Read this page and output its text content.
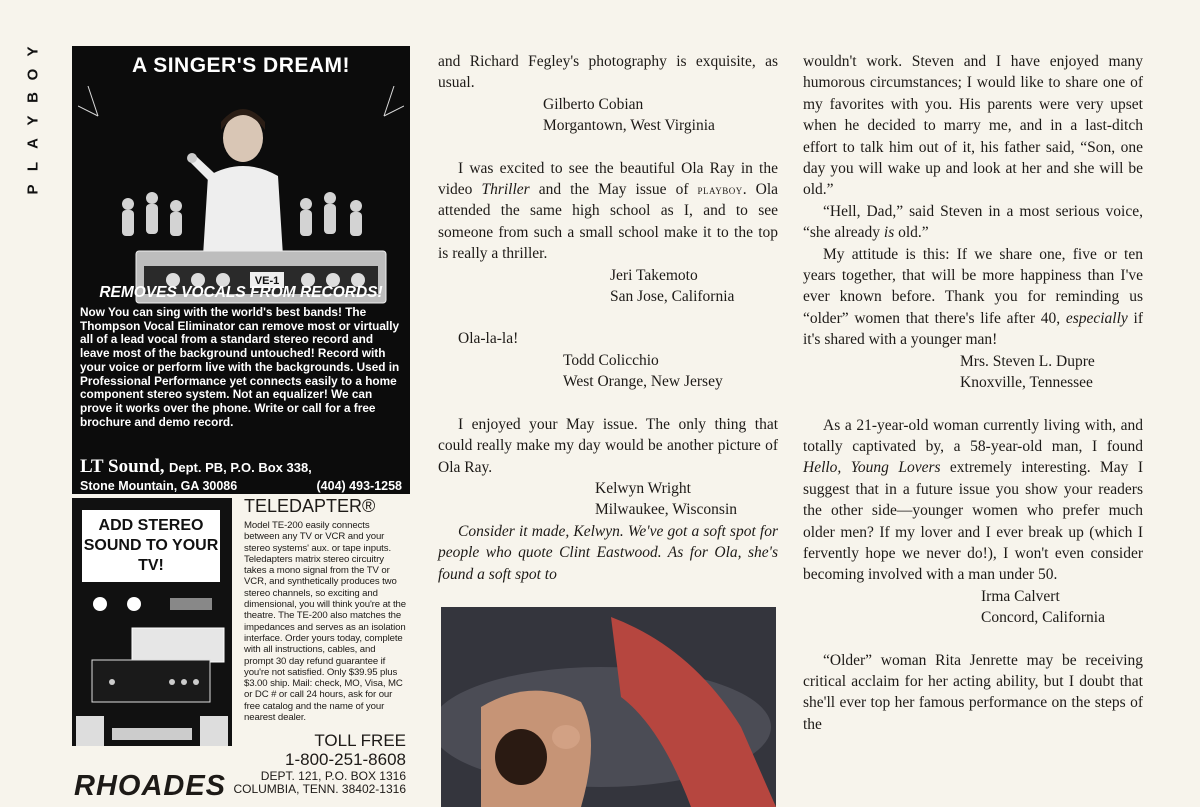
Y
O
B
Y
A
L
P
A SINGER'S DREAM!
VE-1
REMOVES VOCALS FROM RECORDS!
Now You can sing with the world's best bands! The Thompson Vocal Eliminator can remove most or virtually all of a lead vocal from a standard stereo record and leave most of the background untouched! Record with your voice or perform live with the backgrounds. Used in Professional Performance yet connects easily to a home component stereo system. Not an equalizer! We can prove it works over the phone. Write or call for a free brochure and demo record.
LT Sound, Dept. PB, P.O. Box 338,
Stone Mountain, GA 30086	(404) 493-1258
ADD STEREO SOUND TO YOUR TV!
TELEDAPTER®
Model TE-200 easily connects between any TV or VCR and your stereo systems' aux. or tape inputs. Teledapters matrix stereo circuitry takes a mono signal from the TV or VCR, and synthetically produces two stereo channels, so exciting and dimensional, you will think you're at the theatre. The TE-200 also matches the impedances and serves as an isolation interface. Order yours today, complete with all instructions, cables, and prompt 30 day refund guarantee if you're not satisfied. Only $39.95 plus $3.00 ship. Mail: check, MO, Visa, MC or DC # or call 24 hours, ask for our free catalog and the name of your nearest dealer.
TOLL FREE
1-800-251-8608
DEPT. 121, P.O. BOX 1316
COLUMBIA, TENN. 38402-1316
RHOADES

and Richard Fegley's photography is exquisite, as usual.

Gilberto Cobian

Morgantown, West Virginia

I was excited to see the beautiful Ola Ray in the video Thriller and the May issue of playboy. Ola attended the same high school as I, and to see someone from such a small school make it to the top is really a thriller.

Jeri Takemoto

San Jose, California

Ola-la-la!

Todd Colicchio

West Orange, New Jersey

I enjoyed your May issue. The only thing that could really make my day would be another picture of Ola Ray.

Kelwyn Wright

Milwaukee, Wisconsin

Consider it made, Kelwyn. We've got a soft spot for people who quote Clint Eastwood. As for Ola, she's found a soft spot to

wouldn't work. Steven and I have enjoyed many humorous circumstances; I would like to share one of my favorites with you. His parents were very upset when he decided to marry me, and in a last-ditch effort to talk him out of it, his father said, “Son, one day you will wake up and look at her and she will be old.”

“Hell, Dad,” said Steven in a most serious voice, “she already is old.”

My attitude is this: If we share one, five or ten years together, that will be more happiness than I've ever known before. Thank you for reminding us “older” women that there's life after 40, especially if it's shared with a younger man!

Mrs. Steven L. Dupre

Knoxville, Tennessee

As a 21-year-old woman currently living with, and totally captivated by, a 58-year-old man, I found Hello, Young Lovers extremely interesting. May I suggest that in a future issue you show your readers the other side—younger women who prefer much older men? If my lover and I ever break up (which I fervently hope we never do!), I won't even consider becoming involved with a man under 50.

Irma Calvert

Concord, California

“Older” woman Rita Jenrette may be receiving critical acclaim for her acting ability, but I doubt that she'll ever top her famous performance on the steps of the
